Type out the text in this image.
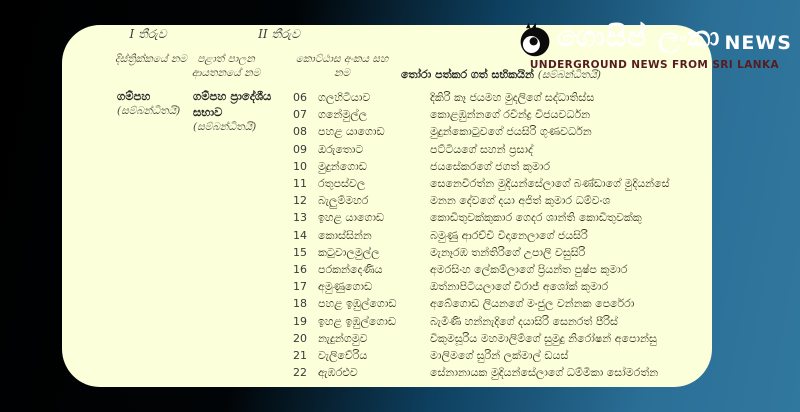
I තීරුව	II තීරුව
දිස්ත්‍රික්කයේ නම පළාත් පාලන ආයතනයේ නම
කොට්ඨාස අංකය සහ නම	තෝරා පත්කර ගත් සභිකයින් (සම්බන්ධිතයි)
ගම්පහ
(සම්බන්ධිතයි)
ගම්පහ ප්‍රාදේශීය සභාව
(සම්බන්ධිතයි)
06	ගලහිටියාව	දිකිරි කෑ ජයමහ මුදලිගේ සද්ධාතිස්ස
07	ගනේමුල්ල	කොළඹුන්නගේ රවීන්ද්‍ර විජයවර්ධන
08	පහළ යාගොඩ	මුදුන්කොටුවගේ ජයසිරි ගුණවර්ධන
09	ඔරුතොට	පට්ටියගේ සහන් ප්‍රසාද්
10	මුදුන්ගොඩ	ජයසේකරගේ ජගත් කුමාර
11	රතුපස්වල	සෙනෙවිරත්න මුදියන්සේලාගේ බණ්ඩාගේ මුදියන්සේ
12	බැලුම්මහර	මනන දේවගේ දයා අජිත් කුමාර ධම්වංශ
13	ඉහළ යාගොඩ	කොඩිතුවක්කුකාර ගෙදර ශාන්ති කොඩිතුවක්කු
14	කොස්සින්න	බමුණු ආරච්චි විදානෙලාගේ ජයසිරි
15	කටුවාලමුල්ල	මැනෑරඹ තන්තිරිගේ උපාලි වසුසිරි
16	පරකන්දෙණිය	අමරසිංහ ලේකම්ලාගේ ප්‍රියන්ත පුෂ්ප කුමාර
17	අමුණුගොඩ	ඔත්නාපිටියලාගේ විරාජ් අශෝක් කුමාර
18	පහළ ඉඹුල්ගොඩ	අබේගොඩ ලියනගේ මංජුල වන්නක පෙරේරා
19	ඉහළ ඉඹුල්ගොඩ	බැමිණි හන්නැදිගේ දයාසිරි සෙනරත් පීරිස්
20	නැදුන්ගමුව	විකුමසූරිය මහමාලිම්ගේ සුමුදු නිරෝෂන් අපොන්සු
21	වැලිවේරිය	මාලිමගේ සුරින් ලක්මාල් ඩයස්
22	ඇඹරළුව	සේනානායක මුදියන්සේලාගේ ධම්මිකා සෝමරත්න
ගොසිප් ලංකා NEWS
UNDERGROUND NEWS FROM SRI LANKA
